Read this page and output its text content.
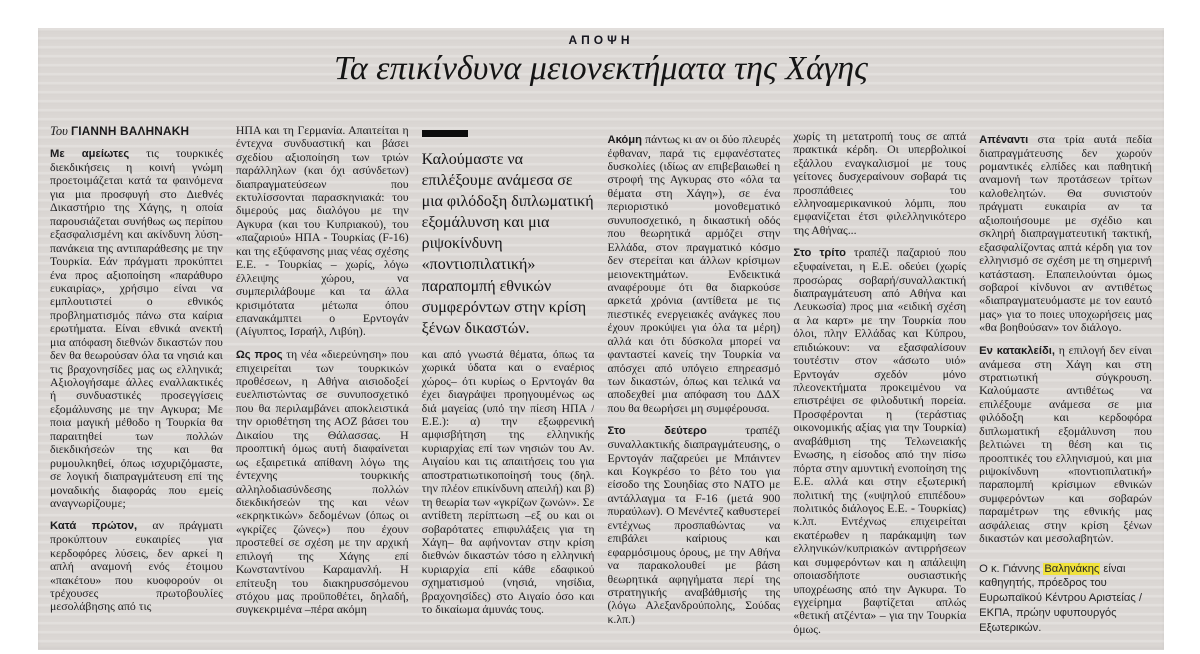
ΑΠΟΨΗ
Τα επικίνδυνα μειονεκτήματα της Χάγης

Του ΓΙΑΝΝΗ ΒΑΛΗΝΑΚΗ

Με αμείωτες τις τουρκικές διεκδικήσεις η κοινή γνώμη προετοιμάζεται κατά τα φαινόμενα για μια προσφυγή στο Διεθνές Δικαστήριο της Χάγης, η οποία παρουσιάζεται συνήθως ως περίπου εξασφαλισμένη και ακίνδυνη λύση-πανάκεια της αντιπαράθεσης με την Τουρκία. Εάν πράγματι προκύπτει ένα προς αξιοποίηση «παράθυρο ευκαιρίας», χρήσιμο είναι να εμπλουτιστεί ο εθνικός προβληματισμός πάνω στα καίρια ερωτήματα. Είναι εθνικά ανεκτή μια απόφαση διεθνών δικαστών που δεν θα θεωρούσαν όλα τα νησιά και τις βραχονησίδες μας ως ελληνικά; Αξιολογήσαμε άλλες εναλλακτικές ή συνδυαστικές προσεγγίσεις εξομάλυνσης με την Αγκυρα; Με ποια μαγική μέθοδο η Τουρκία θα παραιτηθεί των πολλών διεκδικήσεών της και θα ρυμουλκηθεί, όπως ισχυριζόμαστε, σε λογική διαπραγμάτευση επί της μοναδικής διαφοράς που εμείς αναγνωρίζουμε;

Κατά πρώτον, αν πράγματι προκύπτουν ευκαιρίες για κερδοφόρες λύσεις, δεν αρκεί η απλή αναμονή ενός έτοιμου «πακέτου» που κυοφορούν οι τρέχουσες πρωτοβουλίες μεσολάβησης από τις

ΗΠΑ και τη Γερμανία. Απαιτείται η έντεχνα συνδυαστική και βάσει σχεδίου αξιοποίηση των τριών παράλληλων (και όχι ασύνδετων) διαπραγματεύσεων που εκτυλίσσονται παρασκηνιακά: του διμερούς μας διαλόγου με την Αγκυρα (και του Κυπριακού), του «παζαριού» ΗΠΑ - Τουρκίας (F-16) και της εξύφανσης μιας νέας σχέσης Ε.Ε. - Τουρκίας – χωρίς, λόγω έλλειψης χώρου, να συμπεριλάβουμε και τα άλλα κρισιμότατα μέτωπα όπου επανακάμπτει ο Ερντογάν (Αίγυπτος, Ισραήλ, Λιβύη).

Ως προς τη νέα «διερεύνηση» που επιχειρείται των τουρκικών προθέσεων, η Αθήνα αισιοδοξεί ευελπιστώντας σε συνυποσχετικό που θα περιλαμβάνει αποκλειστικά την οριοθέτηση της ΑΟΖ βάσει του Δικαίου της Θάλασσας. Η προοπτική όμως αυτή διαφαίνεται ως εξαιρετικά απίθανη λόγω της έντεχνης τουρκικής αλληλοδιασύνδεσης πολλών διεκδικήσεών της και νέων «εκρηκτικών» δεδομένων (όπως οι «γκρίζες ζώνες») που έχουν προστεθεί σε σχέση με την αρχική επιλογή της Χάγης επί Κωνσταντίνου Καραμανλή. Η επίτευξη του διακηρυσσόμενου στόχου μας προϋποθέτει, δηλαδή, συγκεκριμένα –πέρα ακόμη

Καλούμαστε να επιλέξουμε ανάμεσα σε μια φιλόδοξη διπλωματική εξομάλυνση και μια ριψοκίνδυνη «ποντιοπιλατική» παραπομπή εθνικών συμφερόντων στην κρίση ξένων δικαστών.

και από γνωστά θέματα, όπως τα χωρικά ύδατα και ο εναέριος χώρος– ότι κυρίως ο Ερντογάν θα έχει διαγράψει προηγουμένως ως διά μαγείας (υπό την πίεση ΗΠΑ / Ε.Ε.): α) την εξωφρενική αμφισβήτηση της ελληνικής κυριαρχίας επί των νησιών του Αν. Αιγαίου και τις απαιτήσεις του για αποστρατιωτικοποίησή τους (δηλ. την πλέον επικίνδυνη απειλή) και β) τη θεωρία των «γκρίζων ζωνών». Σε αντίθετη περίπτωση –εξ ου και οι σοβαρότατες επιφυλάξεις για τη Χάγη– θα αφήνονταν στην κρίση διεθνών δικαστών τόσο η ελληνική κυριαρχία επί κάθε εδαφικού σχηματισμού (νησιά, νησίδια, βραχονησίδες) στο Αιγαίο όσο και το δικαίωμα άμυνάς τους.

Ακόμη πάντως κι αν οι δύο πλευρές έφθαναν, παρά τις εμφανέστατες δυσκολίες (ιδίως αν επιβεβαιωθεί η στροφή της Αγκυρας στο «όλα τα θέματα στη Χάγη»), σε ένα περιοριστικό μονοθεματικό συνυποσχετικό, η δικαστική οδός που θεωρητικά αρμόζει στην Ελλάδα, στον πραγματικό κόσμο δεν στερείται και άλλων κρίσιμων μειονεκτημάτων. Ενδεικτικά αναφέρουμε ότι θα διαρκούσε αρκετά χρόνια (αντίθετα με τις πιεστικές ενεργειακές ανάγκες που έχουν προκύψει για όλα τα μέρη) αλλά και ότι δύσκολα μπορεί να φανταστεί κανείς την Τουρκία να απόσχει από υπόγειο επηρεασμό των δικαστών, όπως και τελικά να αποδεχθεί μια απόφαση του ΔΔΧ που θα θεωρήσει μη συμφέρουσα.

Στο δεύτερο τραπέζι συναλλακτικής διαπραγμάτευσης, ο Ερντογάν παζαρεύει με Μπάιντεν και Κογκρέσο το βέτο του για είσοδο της Σουηδίας στο ΝΑΤΟ με αντάλλαγμα τα F-16 (μετά 900 πυραύλων). Ο Μενέντεζ καθυστερεί εντέχνως προσπαθώντας να επιβάλει καίριους και εφαρμόσιμους όρους, με την Αθήνα να παρακολουθεί με βάση θεωρητικά αφηγήματα περί της στρατηγικής αναβάθμισής της (λόγω Αλεξανδρούπολης, Σούδας κ.λπ.)

χωρίς τη μετατροπή τους σε απτά πρακτικά κέρδη. Οι υπερβολικοί εξάλλου εναγκαλισμοί με τους γείτονες δυσχεραίνουν σοβαρά τις προσπάθειες του ελληνοαμερικανικού λόμπι, που εμφανίζεται έτσι φιλελληνικότερο της Αθήνας...

Στο τρίτο τραπέζι παζαριού που εξυφαίνεται, η Ε.Ε. οδεύει (χωρίς προσώρας σοβαρή/συναλλακτική διαπραγμάτευση από Αθήνα και Λευκωσία) προς μια «ειδική σχέση α λα καρτ» με την Τουρκία που όλοι, πλην Ελλάδας και Κύπρου, επιδιώκουν: να εξασφαλίσουν τουτέστιν στον «άσωτο υιό» Ερντογάν σχεδόν μόνο πλεονεκτήματα προκειμένου να επιστρέψει σε φιλοδυτική πορεία. Προσφέρονται η (τεράστιας οικονομικής αξίας για την Τουρκία) αναβάθμιση της Τελωνειακής Ενωσης, η είσοδος από την πίσω πόρτα στην αμυντική ενοποίηση της Ε.Ε. αλλά και στην εξωτερική πολιτική της («υψηλού επιπέδου» πολιτικός διάλογος Ε.Ε. - Τουρκίας) κ.λπ. Εντέχνως επιχειρείται εκατέρωθεν η παράκαμψη των ελληνικών/κυπριακών αντιρρήσεων και συμφερόντων και η απάλειψη οποιασδήποτε ουσιαστικής υποχρέωσης από την Αγκυρα. Το εγχείρημα βαφτίζεται απλώς «θετική ατζέντα» – για την Τουρκία όμως.

Απέναντι στα τρία αυτά πεδία διαπραγμάτευσης δεν χωρούν ρομαντικές ελπίδες και παθητική αναμονή των προτάσεων τρίτων καλοθελητών. Θα συνιστούν πράγματι ευκαιρία αν τα αξιοποιήσουμε με σχέδιο και σκληρή διαπραγματευτική τακτική, εξασφαλίζοντας απτά κέρδη για τον ελληνισμό σε σχέση με τη σημερινή κατάσταση. Επαπειλούνται όμως σοβαροί κίνδυνοι αν αντιθέτως «διαπραγματευόμαστε με τον εαυτό μας» για το ποιες υποχωρήσεις μας «θα βοηθούσαν» τον διάλογο.

Εν κατακλείδι, η επιλογή δεν είναι ανάμεσα στη Χάγη και στη στρατιωτική σύγκρουση. Καλούμαστε αντιθέτως να επιλέξουμε ανάμεσα σε μια φιλόδοξη και κερδοφόρα διπλωματική εξομάλυνση που βελτιώνει τη θέση και τις προοπτικές του ελληνισμού, και μια ριψοκίνδυνη «ποντιοπιλατική» παραπομπή κρίσιμων εθνικών συμφερόντων και σοβαρών παραμέτρων της εθνικής μας ασφάλειας στην κρίση ξένων δικαστών και μεσολαβητών.

Ο κ. Γιάννης Βαληνάκης είναι καθηγητής, πρόεδρος του Ευρωπαϊκού Κέντρου Αριστείας / ΕΚΠΑ, πρώην υφυπουργός Εξωτερικών.
